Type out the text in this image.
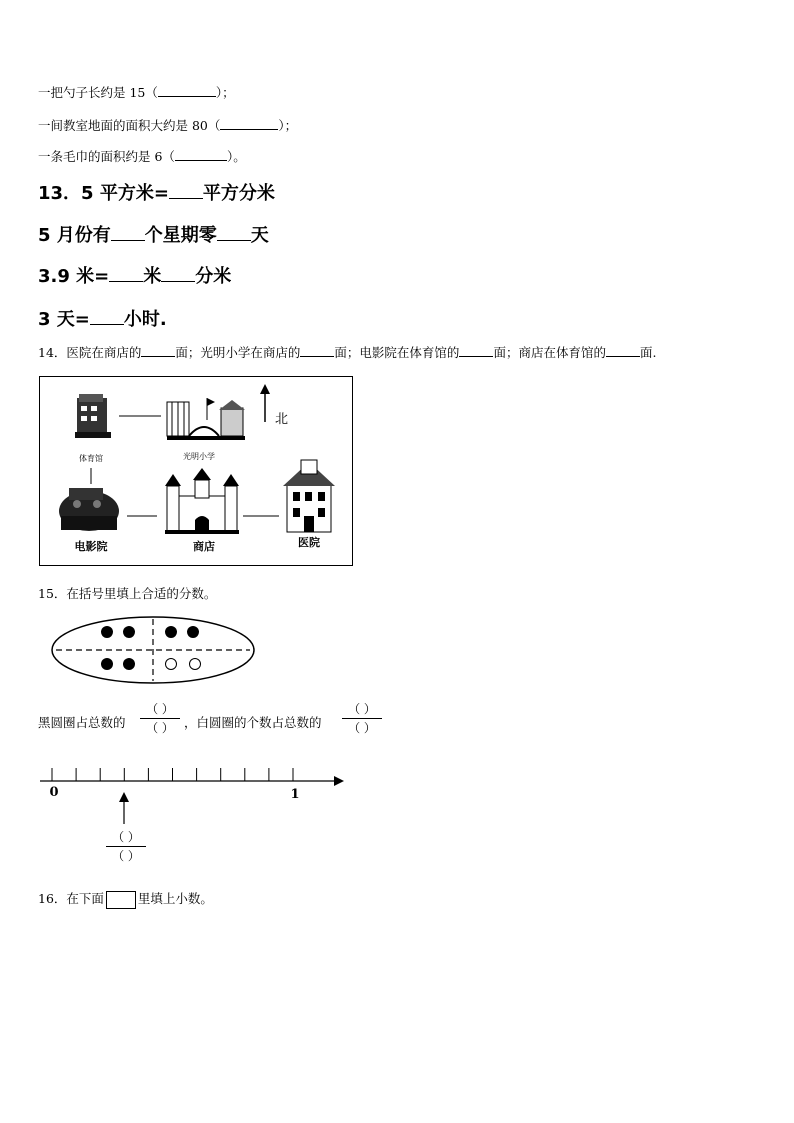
一把勺子长约是 15（	）；
一间教室地面的面积大约是 80（	）；
一条毛巾的面积约是 6（	）。
13．5 平方米= 平方分米
5 月份有 个星期零 天
3.9 米= 米 分米
3 天= 小时.
14．医院在商店的	面；光明小学在商店的	面；电影院在体育馆的	面；商店在体育馆的	面.
北
体育馆	光明小学
电影院	商店	医院
15．在括号里填上合适的分数。
黑圆圈占总数的
（ ）
（ ） ，白圆圈的个数占总数的
（ ）
（ ）
0	1
（ ）
（ ）
16．在下面	里填上小数。
